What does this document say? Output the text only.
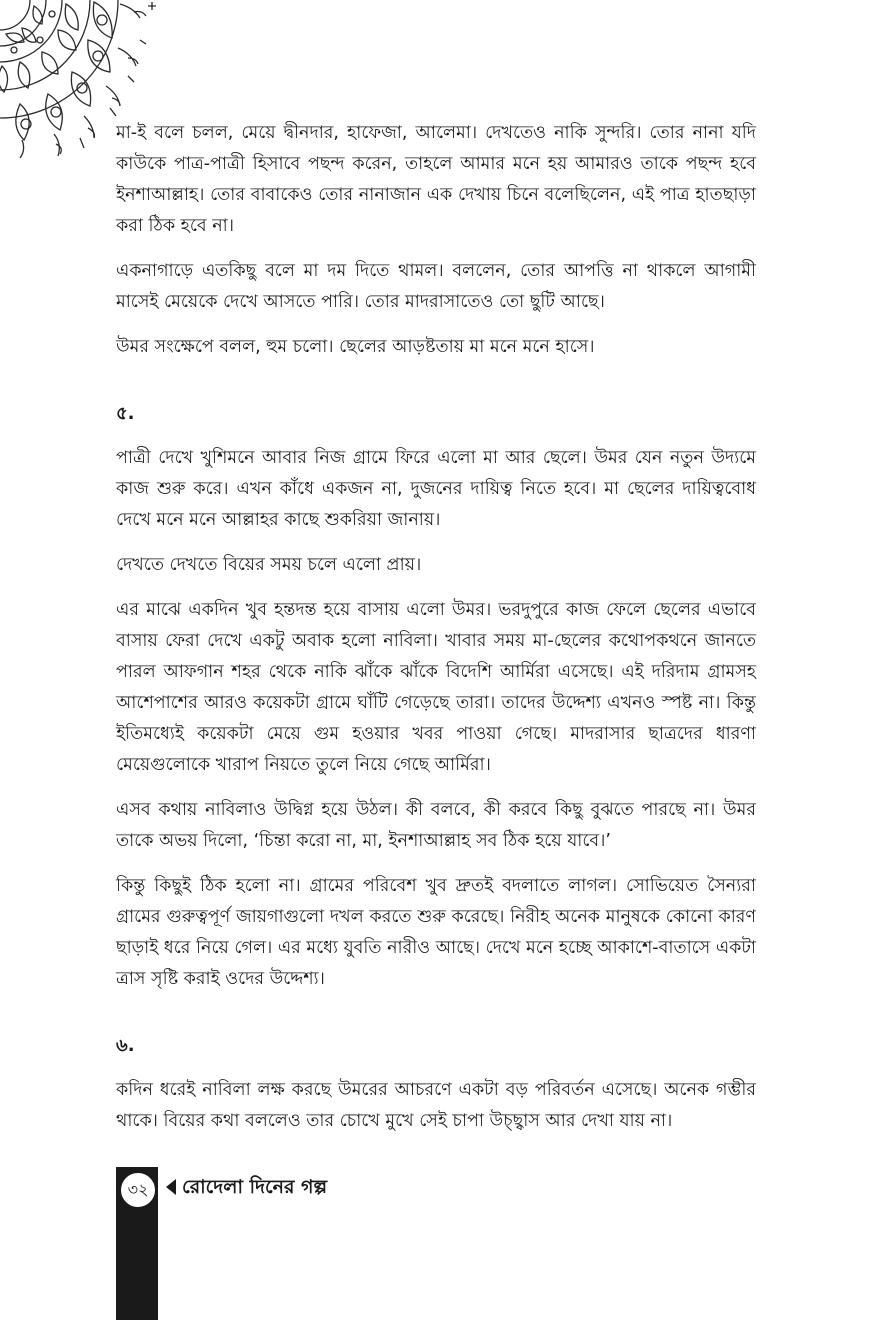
মা-ই বলে চলল, মেয়ে দ্বীনদার, হাফেজা, আলেমা। দেখতেও নাকি সুন্দরি। তোর নানা যদি কাউকে পাত্র-পাত্রী হিসাবে পছন্দ করেন, তাহলে আমার মনে হয় আমারও তাকে পছন্দ হবে ইনশাআল্লাহ। তোর বাবাকেও তোর নানাজান এক দেখায় চিনে বলেছিলেন, এই পাত্র হাতছাড়া করা ঠিক হবে না।

একনাগাড়ে এতকিছু বলে মা দম দিতে থামল। বললেন, তোর আপত্তি না থাকলে আগামী মাসেই মেয়েকে দেখে আসতে পারি। তোর মাদরাসাতেও তো ছুটি আছে।

উমর সংক্ষেপে বলল, হুম চলো। ছেলের আড়ষ্টতায় মা মনে মনে হাসে।

৫.

পাত্রী দেখে খুশিমনে আবার নিজ গ্রামে ফিরে এলো মা আর ছেলে। উমর যেন নতুন উদ্যমে কাজ শুরু করে। এখন কাঁধে একজন না, দুজনের দায়িত্ব নিতে হবে। মা ছেলের দায়িত্ববোধ দেখে মনে মনে আল্লাহর কাছে শুকরিয়া জানায়।

দেখতে দেখতে বিয়ের সময় চলে এলো প্রায়।

এর মাঝে একদিন খুব হন্তদন্ত হয়ে বাসায় এলো উমর। ভরদুপুরে কাজ ফেলে ছেলের এভাবে বাসায় ফেরা দেখে একটু অবাক হলো নাবিলা। খাবার সময় মা-ছেলের কথোপকথনে জানতে পারল আফগান শহর থেকে নাকি ঝাঁকে ঝাঁকে বিদেশি আর্মিরা এসেছে। এই দরিদাম গ্রামসহ আশেপাশের আরও কয়েকটা গ্রামে ঘাঁটি গেড়েছে তারা। তাদের উদ্দেশ্য এখনও স্পষ্ট না। কিন্তু ইতিমধ্যেই কয়েকটা মেয়ে গুম হওয়ার খবর পাওয়া গেছে। মাদরাসার ছাত্রদের ধারণা মেয়েগুলোকে খারাপ নিয়তে তুলে নিয়ে গেছে আর্মিরা।

এসব কথায় নাবিলাও উদ্বিগ্ন হয়ে উঠল। কী বলবে, কী করবে কিছু বুঝতে পারছে না। উমর তাকে অভয় দিলো, ‘চিন্তা করো না, মা, ইনশাআল্লাহ সব ঠিক হয়ে যাবে।’

কিন্তু কিছুই ঠিক হলো না। গ্রামের পরিবেশ খুব দ্রুতই বদলাতে লাগল। সোভিয়েত সৈন্যরা গ্রামের গুরুত্বপূর্ণ জায়গাগুলো দখল করতে শুরু করেছে। নিরীহ অনেক মানুষকে কোনো কারণ ছাড়াই ধরে নিয়ে গেল। এর মধ্যে যুবতি নারীও আছে। দেখে মনে হচ্ছে আকাশে-বাতাসে একটা ত্রাস সৃষ্টি করাই ওদের উদ্দেশ্য।

৬.

কদিন ধরেই নাবিলা লক্ষ করছে উমরের আচরণে একটা বড় পরিবর্তন এসেছে। অনেক গম্ভীর থাকে। বিয়ের কথা বললেও তার চোখে মুখে সেই চাপা উচ্ছ্বাস আর দেখা যায় না।

৩২	রোদেলা দিনের গল্প
